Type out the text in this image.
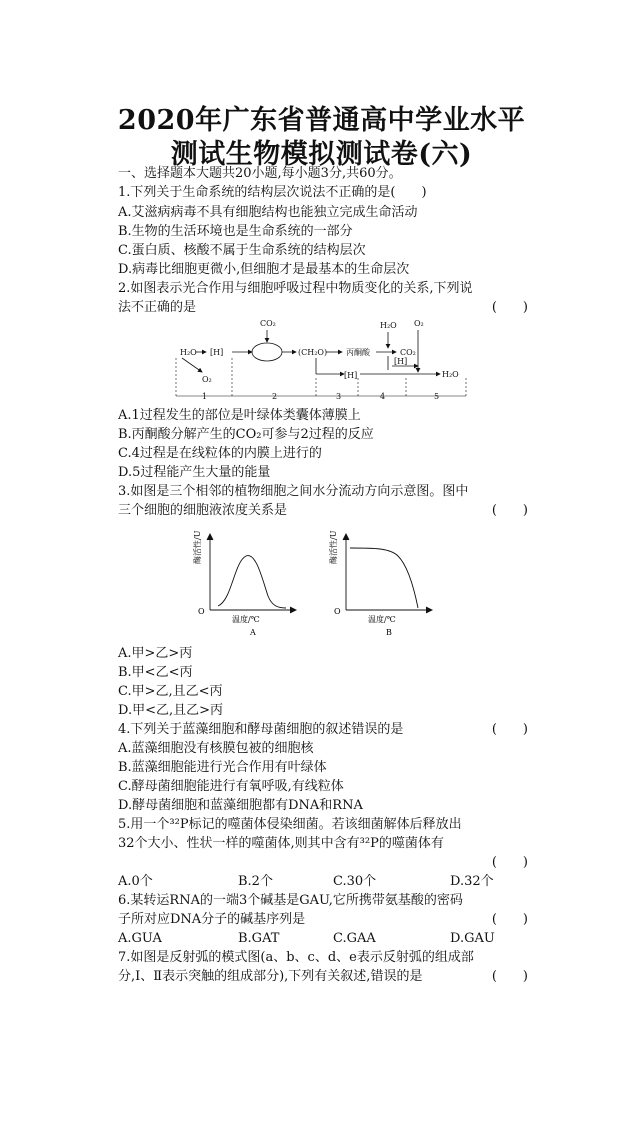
2020年广东省普通高中学业水平
测试生物模拟测试卷(六)
一、选择题本大题共20小题,每小题3分,共60分。
1.下列关于生命系统的结构层次说法不正确的是(　　)
A.艾滋病病毒不具有细胞结构也能独立完成生命活动
B.生物的生活环境也是生命系统的一部分
C.蛋白质、核酸不属于生命系统的结构层次
D.病毒比细胞更微小,但细胞才是最基本的生命层次
2.如图表示光合作用与细胞呼吸过程中物质变化的关系,下列说
法不正确的是	(　　)
H₂O [H]
O₂
CO₂
(CH₂O) 丙酮酸
H₂O O₂
CO₂
[H]
[H]	H₂O
1	2	3	4	5
A.1过程发生的部位是叶绿体类囊体薄膜上
B.丙酮酸分解产生的CO₂可参与2过程的反应
C.4过程是在线粒体的内膜上进行的
D.5过程能产生大量的能量
3.如图是三个相邻的植物细胞之间水分流动方向示意图。图中
三个细胞的细胞液浓度关系是	(　　)
酶活性/U
O
温度/℃
A
酶活性/U
O
温度/℃
B
A.甲>乙>丙
B.甲<乙<丙
C.甲>乙,且乙<丙
D.甲<乙,且乙>丙
4.下列关于蓝藻细胞和酵母菌细胞的叙述错误的是	(　　)
A.蓝藻细胞没有核膜包被的细胞核
B.蓝藻细胞能进行光合作用有叶绿体
C.酵母菌细胞能进行有氧呼吸,有线粒体
D.酵母菌细胞和蓝藻细胞都有DNA和RNA
5.用一个³²P标记的噬菌体侵染细菌。若该细菌解体后释放出
32个大小、性状一样的噬菌体,则其中含有³²P的噬菌体有
(　　)
A.0个	B.2个	C.30个	D.32个
6.某转运RNA的一端3个碱基是GAU,它所携带氨基酸的密码
子所对应DNA分子的碱基序列是	(　　)
A.GUA	B.GAT	C.GAA	D.GAU
7.如图是反射弧的模式图(a、b、c、d、e表示反射弧的组成部
分,Ⅰ、Ⅱ表示突触的组成部分),下列有关叙述,错误的是	(　　)
